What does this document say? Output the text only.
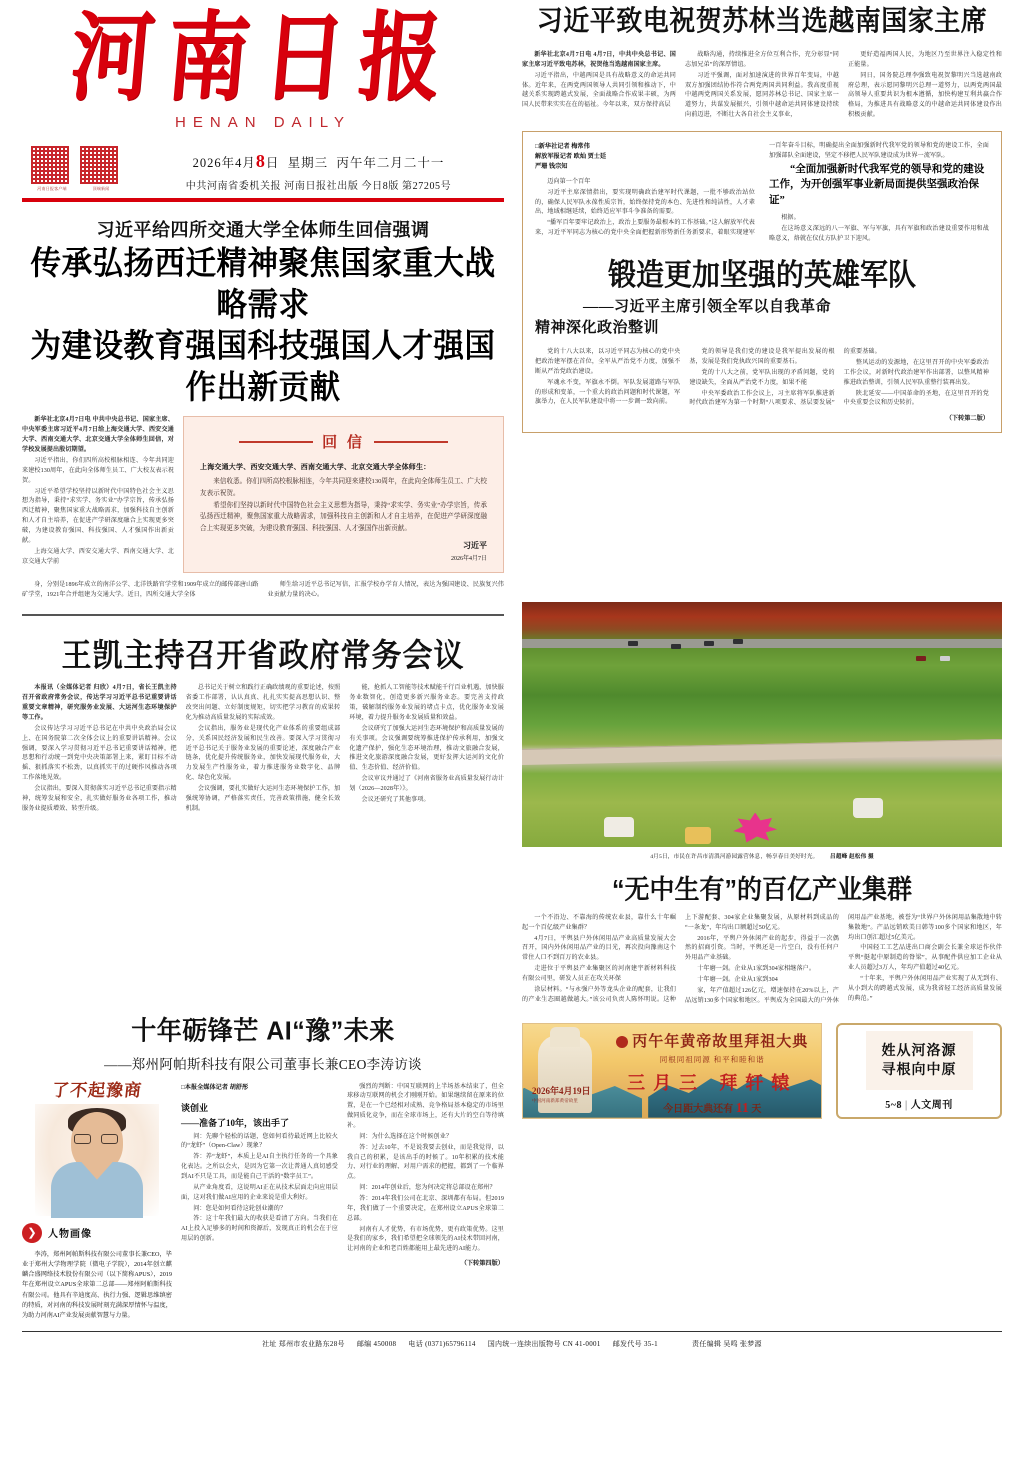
河南日报
HENAN DAILY
河南日报客户端	顶端新闻
2026年4月8日  星期三 丙午年二月二十一
中共河南省委机关报 河南日报社出版 今日8版 第27205号
习近平给四所交通大学全体师生回信强调
传承弘扬西迁精神聚焦国家重大战略需求
为建设教育强国科技强国人才强国作出新贡献

新华社北京4月7日电 中共中央总书记、国家主席、中央军委主席习近平4月7日给上海交通大学、西安交通大学、西南交通大学、北京交通大学全体师生回信，对学校发展提出殷切期望。

习近平指出，你们四所高校根脉相连、今年共同迎来建校130周年，在此向全体师生员工、广大校友表示祝贺。

习近平希望学校坚持以新时代中国特色社会主义思想为指导，秉持“求实学、务实业”办学宗旨，传承弘扬西迁精神，聚焦国家重大战略需求，加强科技自主创新和人才自主培养，在促进产学研深度融合上实现更多突破，为建设教育强国、科技强国、人才强国作出新贡献。

上海交通大学、西安交通大学、西南交通大学、北京交通大学前

回 信
上海交通大学、西安交通大学、西南交通大学、北京交通大学全体师生：

来信收悉。你们四所高校根脉相连，今年共同迎来建校130周年，在此向全体师生员工、广大校友表示祝贺。

希望你们坚持以新时代中国特色社会主义思想为指导，秉持“求实学、务实业”办学宗旨，传承弘扬西迁精神，聚焦国家重大战略需求，加强科技自主创新和人才自主培养，在促进产学研深度融合上实现更多突破，为建设教育强国、科技强国、人才强国作出新贡献。

习近平
2026年4月7日

身，分别是1896年成立的南洋公学、北洋铁路官学堂和1909年成立的邮传部唐山路矿学堂，1921年合并组建为交通大学。近日，四所交通大学全体

师生给习近平总书记写信，汇报学校办学育人情况，表达为强国建设、民族复兴伟业贡献力量的决心。

习近平致电祝贺苏林当选越南国家主席

新华社北京4月7日电 4月7日，中共中央总书记、国家主席习近平致电苏林，祝贺他当选越南国家主席。

习近平指出，中越两国是具有战略意义的命运共同体。近年来，在两党两国领导人共同引领和推动下，中越关系实现跨越式发展，全面战略合作成果丰硕，为两国人民带来实实在在的福祉。今年以来，双方保持高层

战略沟通，持续推进全方位互利合作，充分彰显“同志加兄弟”的深厚情谊。

习近平强调，面对加速演进的世界百年变局，中越双方加强团结协作符合两党两国共同利益。我高度重视中越两党两国关系发展，愿同苏林总书记、国家主席一道努力，共谋发展振兴，引领中越命运共同体建设持续向前迈进，不断壮大各自社会主义事业，

更好造福两国人民，为地区乃至世界注入稳定性和正能量。

同日，国务院总理李强致电祝贺黎明兴当选越南政府总理，表示愿同黎明兴总理一道努力，以两党两国最高领导人重要共识为根本遵循，加快构建互利共赢合作格局，为推进具有战略意义的中越命运共同体建设作出积极贡献。

□新华社记者 梅常伟

解放军报记者 欧灿 贾士廷

严珊 钱宗知

迈向第一个百年

习近平主席深情指出，要实现明确政治建军时代课题，一批不够政治站位的，确保人民军队永葆性质宗旨，始终保持党的本色、先进性和纯洁性，人才辈出、地域相继延续，始终适应军事斗争准备的需要。

“播军百年要牢记政治上，政治上要服务最根本的工作基础。”这人解放军代表来，习近平军同志为核心的党中央全面把握新形势新任务新要求，着眼实现建军一百年奋斗目标，明确提出全面加强新时代我军党的领导和党的建设工作，全面加强部队全面建设，坚定不移把人民军队建设成为世界一流军队。

“全面加强新时代我军党的领导和党的建设工作，为开创强军事业新局面提供坚强政治保证”

根据。

在这场意义深远的八一军旗、军与军旗，具有军旗和政治建设重要作用和战略意义，烙就在仪仗方队护卫下迎风。

锻造更加坚强的英雄军队
——习近平主席引领全军以自我革命
精神深化政治整训

党的十八大以来，以习近平同志为核心的党中央把政治建军摆在首位，全军从严治党不力度，加强不断从严治党政治建设。

军魂永不变，军旗永不倒。军队发展道路与军队的形成和变革，一个重大的政治问题和时代课题，军旗举力，在人民军队建设中将一一步调一致向前。

党的领导是我们党的建设是我军提出发展的根基，发展是我们党执政兴国的重要基石。

党的十八大之前，党军队出现的矛盾问题，党的建设缺失，全面从严治党不力度，如果不能

中央军委政治工作会议上，习主席将军队推进新时代政治建军为第一个时期“八项要求、基层要发展”的重要基础。

整风运动的发源地，在这里召开的中央军委政治工作会议，对新时代政治建军作出部署，以整风精神推进政治整训，引领人民军队重整行装再出发。

陕北延安——中国革命的圣地，在这里召开的党中央重要会议和历史转折。

（下转第二版）
王凯主持召开省政府常务会议

本报讯（全媒体记者 归欣）4月7日，省长王凯主持召开省政府常务会议，传达学习习近平总书记重要讲话重要文章精神，研究服务业发展、大运河生态环境保护等工作。

会议传达学习习近平总书记在中共中央政治局会议上、在国务院第二次全体会议上的重要讲话精神。会议强调，要深入学习贯彻习近平总书记重要讲话精神，把思想和行动统一到党中央决策部署上来，紧盯目标不动摇、狠抓落实不松劲，以真抓实干的过硬作风推动各项工作落地见效。

会议指出，要深入贯彻落实习近平总书记重要指示精神，统筹发展和安全，扎实做好服务业各项工作，推动服务业提质增效、转型升级。

总书记关于树立和践行正确政绩观的重要论述，按照省委工作部署，认认真真、扎扎实实提高思想认识、整改突出问题、立好制度规矩，切实把学习教育的成果转化为推动高质量发展的实际成效。

会议指出，服务业是现代化产业体系的重要组成部分，关系国民经济发展和民生改善。要深入学习贯彻习近平总书记关于服务业发展的重要论述，深度融合产业链条，优化提升传统服务业，加快发展现代服务业，大力发展生产性服务业，着力推进服务业数字化、品牌化、绿色化发展。

会议强调，要扎实做好大运河生态环境保护工作，加强统筹协调，严格落实责任，完善政策措施，健全长效机制。

能，抢抓人工智能等技术赋能千行百业机遇，加快服务业数智化，创造更多新兴服务业态。要完善支持政策，破解制约服务业发展的堵点卡点，优化服务业发展环境，着力提升服务业发展质量和效益。

会议研究了加强大运河生态环境保护和高质量发展的有关事项。会议强调要统筹推进保护传承利用，加强文化遗产保护，强化生态环境治理，推动文旅融合发展，推进文化旅游深度融合发展，更好发挥大运河的文化价值、生态价值、经济价值。

会议审议并通过了《河南省服务业高质量发展行动计划（2026—2028年）》。

会议还研究了其他事项。

4月5日，市民在许昌市清潩河游园露营休息，畅享春日美好时光。 吕超峰 赵松伟 摄
“无中生有”的百亿产业集群

一个不沿边、不靠海的传统农业县，靠什么十年崛起一个百亿级产业集群？

4月7日，平舆县户外休闲用品产业高质量发展大会召开，国内外休闲用品产业的目光，再次投向豫南这个常住人口不到百万的农业县。

走进位于平舆县产业集聚区的河南建宇新材料科技有限公司里，研发人员正在攻关环保

涂层材料。“与永强户外等龙头企业的配套，让我们的产业生态圈越做越大。”该公司负责人陈怀明说。这种上下游配套、304家企业集聚发展，从原材料到成品的“一条龙”，年均出口额超过50亿元。

2016年，平舆户外休闲产业的起步，得益于一次偶然的招商引资。当时，平舆还是一片空白，没有任何户外用品产业基础。

十年磨一剑。企业从1家到304家相继落户。

十年磨一剑。企业从1家到304

家，年产值超过126亿元，增速保持在20%以上，产品远销130多个国家和地区。平舆成为全国最大的户外休闲用品产业基地，被誉为“世界户外休闲用品集散地中转集散地”。产品远销欧美日韩等100多个国家和地区，年均出口创汇超过5亿美元。

中国轻工工艺品进出口商会副会长兼全球运作伙伴平舆“挺起中原制造的脊梁”，从事配件供应加工企业从业人员超过3万人，年均产值超过40亿元。

“十年来，平舆户外休闲用品产业实现了从无到有、从小到大的跨越式发展，成为我省轻工经济高质量发展的典范。”

十年砺锋芒 AI“豫”未来
——郑州阿帕斯科技有限公司董事长兼CEO李涛访谈
了不起豫商
❯	人物画像

李涛，郑州阿帕斯科技有限公司董事长兼CEO，毕业于郑州大学物理学院（微电子学院），2014年创立麒麟合盛网络技术股份有限公司（以下简称APUS），2019年在郑州设立APUS全球第二总部——郑州阿帕斯科技有限公司。他具有辛迪度高、执行力强、逻辑思维缜密的特质，对河南的科技发展时刻充满深厚情怀与温度，为助力河南AI产业发展贡献智慧与力量。

□本报全媒体记者 胡舒彤
谈创业
——准备了10年，该出手了

问：先聊个轻松的话题，您如何看待最近网上比较火的“龙虾”（Open-Claw）现象？

答：养“龙虾”，本质上是AI自主执行任务的一个具象化表达。之所以会火，是因为它第一次让普通人真切感受到AI不只是工具，而是能自己干活的“数字员工”。

从产业角度看，这说明AI正在从技术层面走向应用层面，这对我们做AI应用的企业来说是重大利好。

问：您是如何看待这轮创业潮的？

答：这十年我们最大的收获是看清了方向。当我们在AI上投入足够多的时间和资源后，发现真正的机会在于应用层的创新。

强烈的判断：中国互联网的上半场基本结束了，但全球移动互联网的机会才刚刚开始。如果继续留在原来的位置，是在一个已经相对成熟、竞争格局基本稳定的市场里做同质化竞争，而在全球市场上，还有大片的空白等待填补。

问：为什么选择在这个时候创业？

答：过去10年，不是说我要去创业，而是我觉得，以我自己的积累，是该出手的时候了。10年积累的技术能力、对行业的理解、对用户需求的把握，都到了一个临界点。

问：2014年创业后，您为何决定将总部设在郑州？

答：2014年我们公司在北京、深圳都有布局。但2019年，我们做了一个重要决定，在郑州设立APUS全球第二总部。

河南有人才优势，有市场优势，更有政策优势。这里是我们的家乡，我们希望把全球领先的AI技术带回河南，让河南的企业和老百姓都能用上最先进的AI能力。

（下转第四版）
丙午年黄帝故里拜祖大典
同根同祖同源 和平和睦和谐
三月三 拜轩辕
今日距大典还有 11 天
2026年4月19日
中国河南新郑黄帝故里
姓从河洛源
寻根向中原
5~8 | 人文周刊
社址 郑州市农业路东28号 邮编 450008 电话 (0371)65796114 国内统一连续出版物号 CN 41-0001 邮发代号 35-1	责任编辑 吴鸣 张梦源
